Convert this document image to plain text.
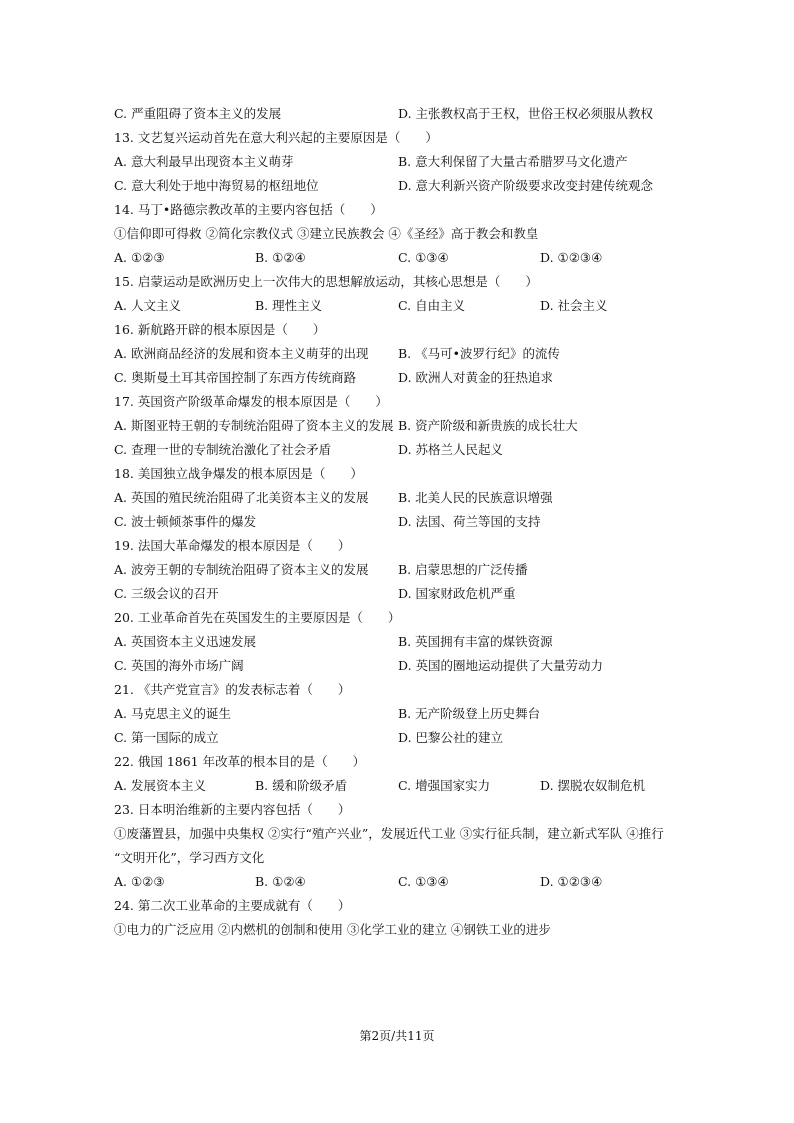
C. 严重阻碍了资本主义的发展	D. 主张教权高于王权，世俗王权必须服从教权
13. 文艺复兴运动首先在意大利兴起的主要原因是（　　）
A. 意大利最早出现资本主义萌芽	B. 意大利保留了大量古希腊罗马文化遗产
C. 意大利处于地中海贸易的枢纽地位	D. 意大利新兴资产阶级要求改变封建传统观念
14. 马丁•路德宗教改革的主要内容包括（　　）
①信仰即可得救 ②简化宗教仪式 ③建立民族教会 ④《圣经》高于教会和教皇
A. ①②③	B. ①②④	C. ①③④	D. ①②③④
15. 启蒙运动是欧洲历史上一次伟大的思想解放运动，其核心思想是（　　）
A. 人文主义	B. 理性主义	C. 自由主义	D. 社会主义
16. 新航路开辟的根本原因是（　　）
A. 欧洲商品经济的发展和资本主义萌芽的出现 B. 《马可•波罗行纪》的流传
C. 奥斯曼土耳其帝国控制了东西方传统商路	D. 欧洲人对黄金的狂热追求
17. 英国资产阶级革命爆发的根本原因是（　　）
A. 斯图亚特王朝的专制统治阻碍了资本主义的发展 B. 资产阶级和新贵族的成长壮大
C. 查理一世的专制统治激化了社会矛盾	D. 苏格兰人民起义
18. 美国独立战争爆发的根本原因是（　　）
A. 英国的殖民统治阻碍了北美资本主义的发展 B. 北美人民的民族意识增强
C. 波士顿倾茶事件的爆发	D. 法国、荷兰等国的支持
19. 法国大革命爆发的根本原因是（　　）
A. 波旁王朝的专制统治阻碍了资本主义的发展 B. 启蒙思想的广泛传播
C. 三级会议的召开	D. 国家财政危机严重
20. 工业革命首先在英国发生的主要原因是（　　）
A. 英国资本主义迅速发展	B. 英国拥有丰富的煤铁资源
C. 英国的海外市场广阔	D. 英国的圈地运动提供了大量劳动力
21. 《共产党宣言》的发表标志着（　　）
A. 马克思主义的诞生	B. 无产阶级登上历史舞台
C. 第一国际的成立	D. 巴黎公社的建立
22. 俄国 1861 年改革的根本目的是（　　）
A. 发展资本主义	B. 缓和阶级矛盾	C. 增强国家实力	D. 摆脱农奴制危机
23. 日本明治维新的主要内容包括（　　）
①废藩置县，加强中央集权 ②实行“殖产兴业”，发展近代工业 ③实行征兵制，建立新式军队 ④推行
“文明开化”，学习西方文化
A. ①②③	B. ①②④	C. ①③④	D. ①②③④
24. 第二次工业革命的主要成就有（　　）
①电力的广泛应用 ②内燃机的创制和使用 ③化学工业的建立 ④钢铁工业的进步
第2页/共11页
